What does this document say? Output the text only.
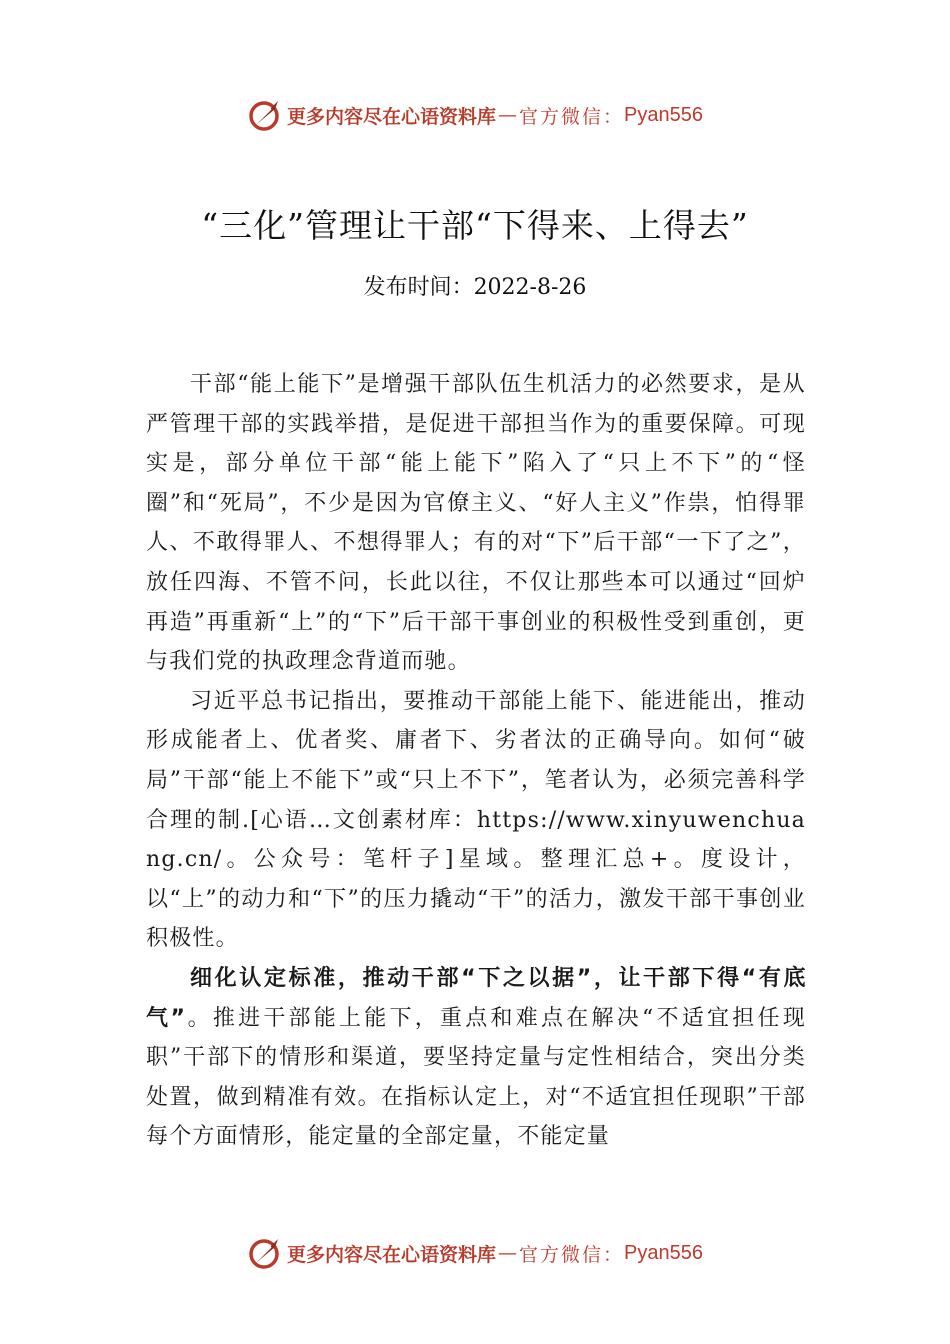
更多内容尽在心语资料库 — 官方微信： Pyan556
“三化”管理让干部“下得来、上得去”
发布时间：2022-8-26

干部“能上能下”是增强干部队伍生机活力的必然要求，是从严管理干部的实践举措，是促进干部担当作为的重要保障。可现实是，部分单位干部“能上能下”陷入了“只上不下”的“怪圈”和“死局”，不少是因为官僚主义、“好人主义”作祟，怕得罪人、不敢得罪人、不想得罪人；有的对“下”后干部“一下了之”，放任四海、不管不问，长此以往，不仅让那些本可以通过“回炉再造”再重新“上”的“下”后干部干事创业的积极性受到重创，更与我们党的执政理念背道而驰。

习近平总书记指出，要推动干部能上能下、能进能出，推动形成能者上、优者奖、庸者下、劣者汰的正确导向。如何“破局”干部“能上不能下”或“只上不下”，笔者认为，必须完善科学合理的制.[心语…文创素材库：https://www.xinyuwenchuang.cn/。公众号：笔杆子]星域。整理汇总+。度设计，以“上”的动力和“下”的压力撬动“干”的活力，激发干部干事创业积极性。

细化认定标准，推动干部“下之以据”，让干部下得“有底气”。推进干部能上能下，重点和难点在解决“不适宜担任现职”干部下的情形和渠道，要坚持定量与定性相结合，突出分类处置，做到精准有效。在指标认定上，对“不适宜担任现职”干部每个方面情形，能定量的全部定量，不能定量

更多内容尽在心语资料库 — 官方微信： Pyan556
